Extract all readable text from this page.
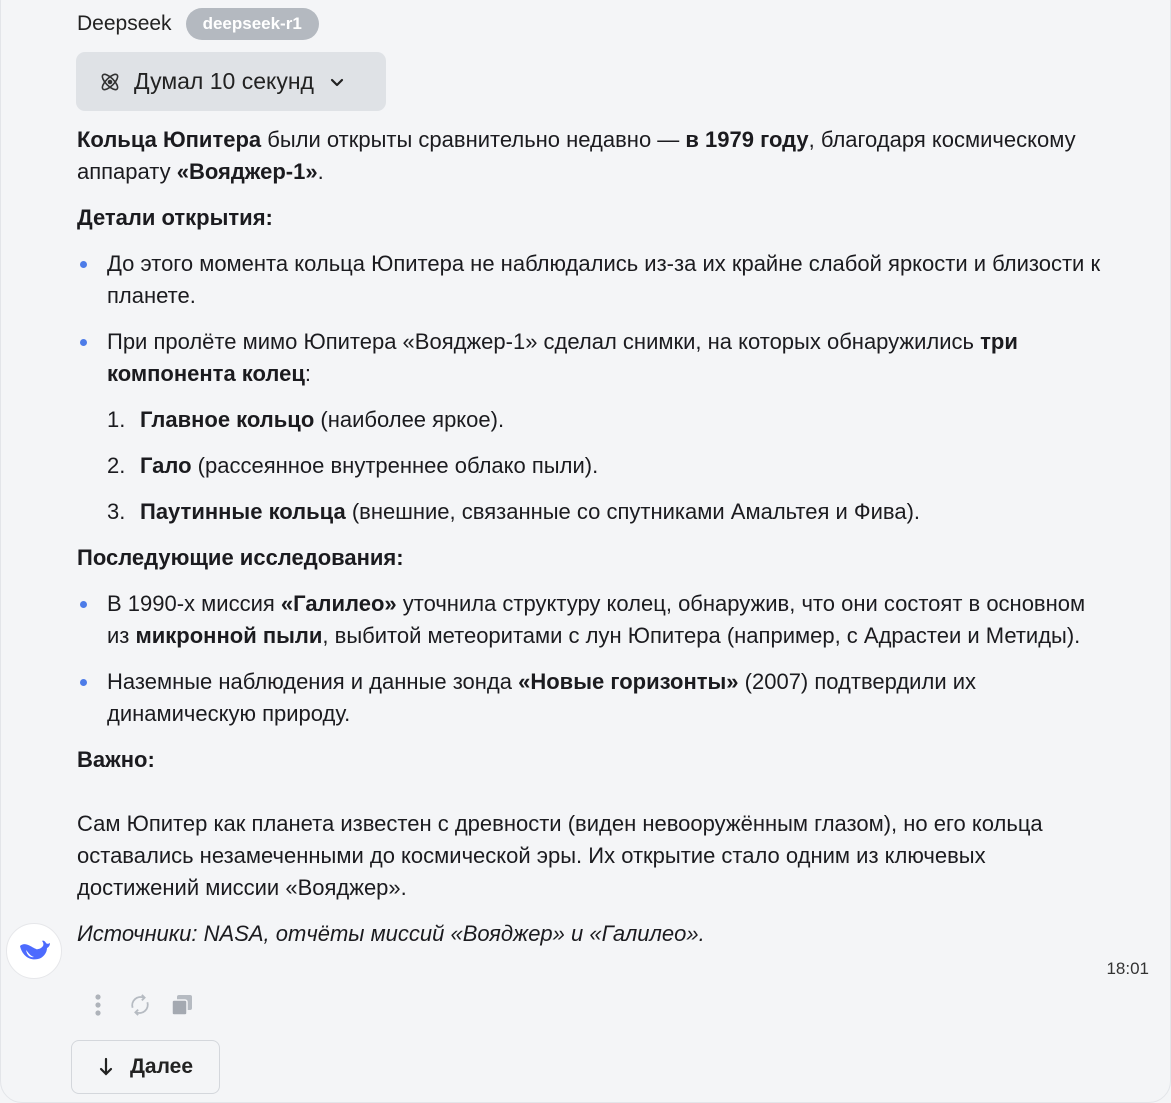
Deepseek	deepseek-r1
Думал 10 секунд

Кольца Юпитера были открыты сравнительно недавно — в 1979 году, благодаря космическому аппарату «Вояджер-1».

Детали открытия:
До этого момента кольца Юпитера не наблюдались из-за их крайне слабой яркости и близости к планете.
При пролёте мимо Юпитера «Вояджер-1» сделал снимки, на которых обнаружились три компонента колец:
1. Главное кольцо (наиболее яркое).
2. Гало (рассеянное внутреннее облако пыли).
3. Паутинные кольца (внешние, связанные со спутниками Амальтея и Фива).
Последующие исследования:
В 1990-х миссия «Галилео» уточнила структуру колец, обнаружив, что они состоят в основном из микронной пыли, выбитой метеоритами с лун Юпитера (например, с Адрастеи и Метиды).
Наземные наблюдения и данные зонда «Новые горизонты» (2007) подтвердили их динамическую природу.
Важно:

Сам Юпитер как планета известен с древности (виден невооружённым глазом), но его кольца оставались незамеченными до космической эры. Их открытие стало одним из ключевых достижений миссии «Вояджер».

Источники: NASA, отчёты миссий «Вояджер» и «Галилео».

18:01
Далее
